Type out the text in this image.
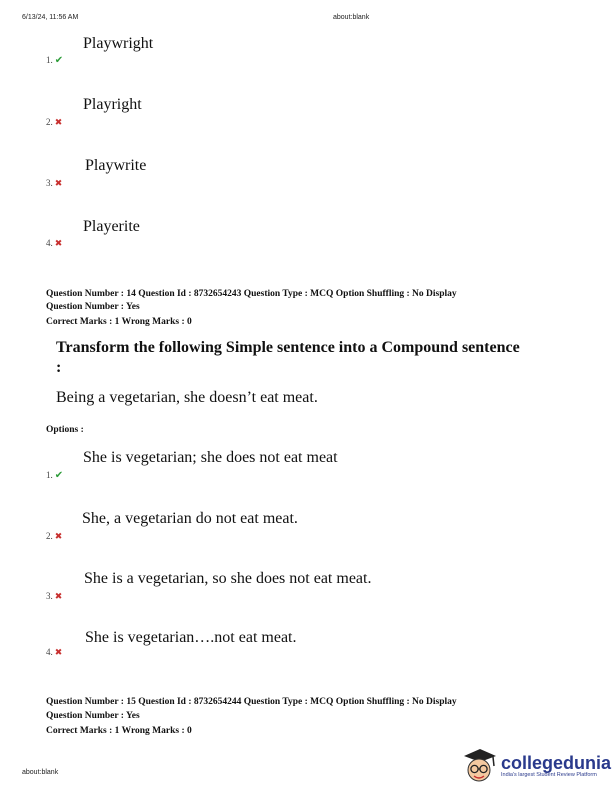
6/13/24, 11:56 AM	about:blank
Playwright
1. ✔
Playright
2. ✖
Playwrite
3. ✖
Playerite
4. ✖
Question Number : 14 Question Id : 8732654243 Question Type : MCQ Option Shuffling : No Display
Question Number : Yes
Correct Marks : 1 Wrong Marks : 0
Transform the following Simple sentence into a Compound sentence :
Being a vegetarian, she doesn’t eat meat.
Options :
She is vegetarian; she does not eat meat
1. ✔
She, a vegetarian do not eat meat.
2. ✖
She is a vegetarian, so she does not eat meat.
3. ✖
She is vegetarian….not eat meat.
4. ✖
Question Number : 15 Question Id : 8732654244 Question Type : MCQ Option Shuffling : No Display
Question Number : Yes
Correct Marks : 1 Wrong Marks : 0
about:blank	collegedunia
India's largest Student Review Platform
